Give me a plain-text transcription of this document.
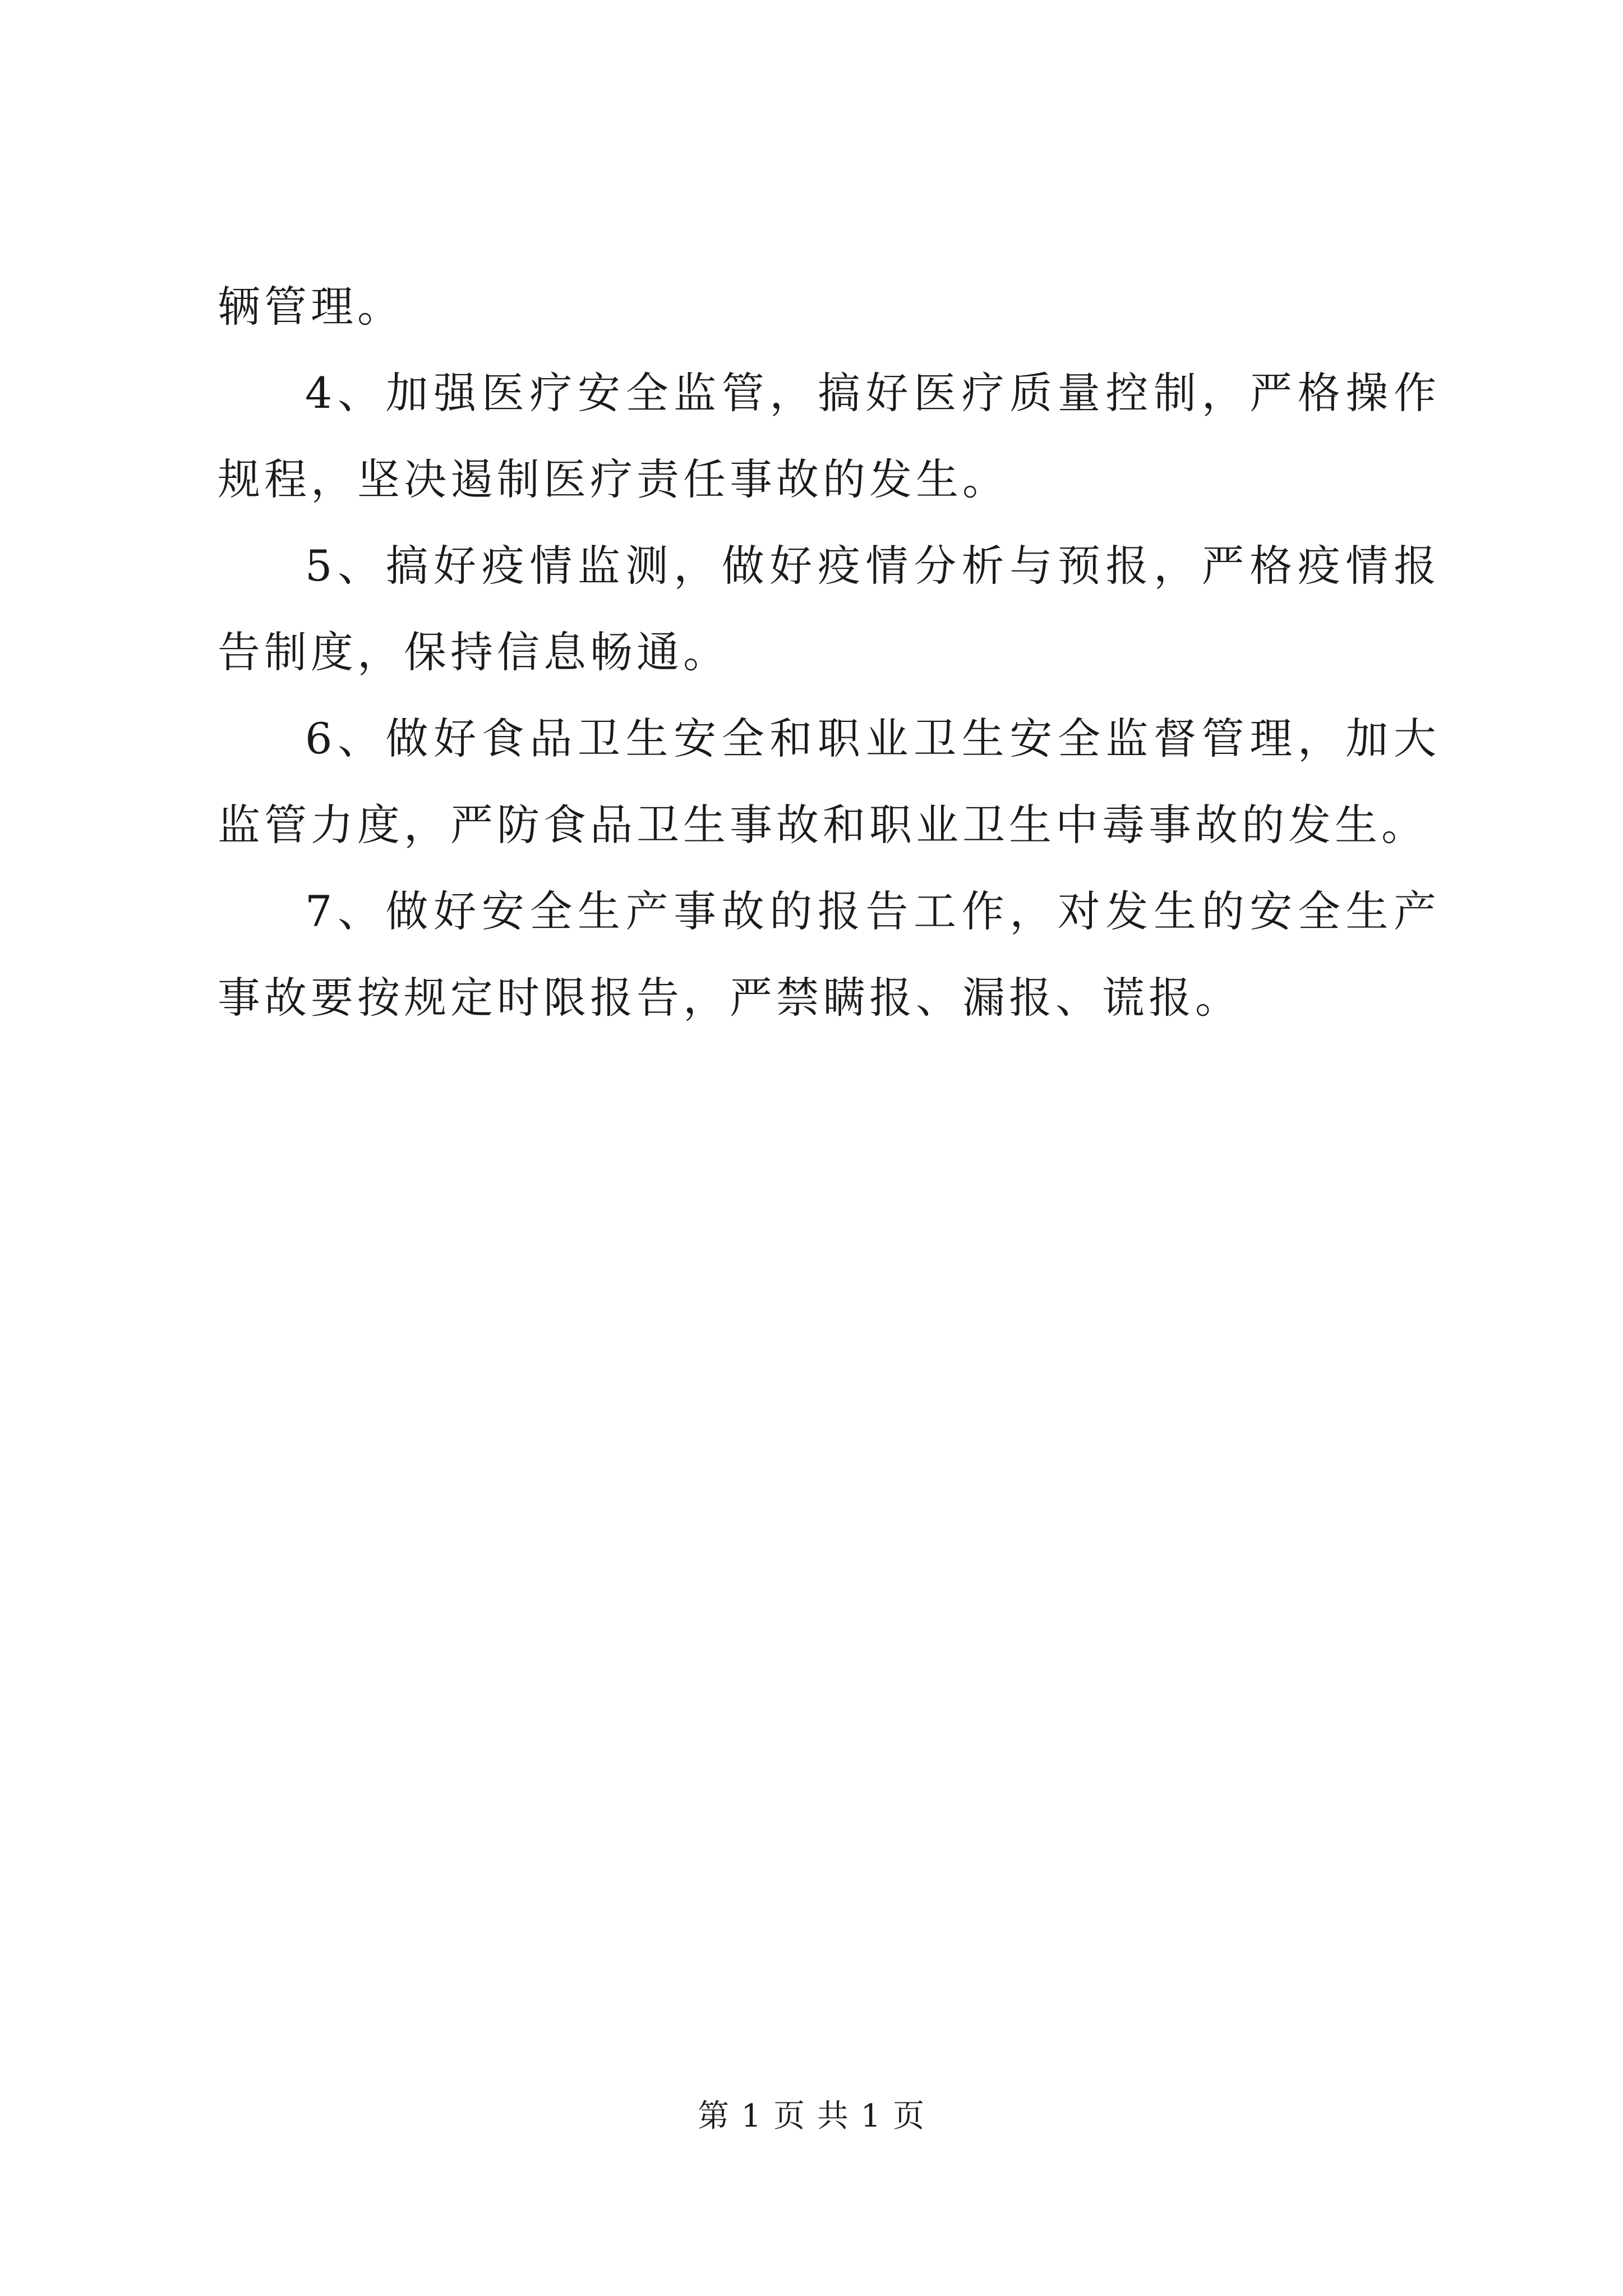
辆管理。

4、加强医疗安全监管，搞好医疗质量控制，严格操作规程，坚决遏制医疗责任事故的发生。

5、搞好疫情监测，做好疫情分析与预报，严格疫情报告制度，保持信息畅通。

6、做好食品卫生安全和职业卫生安全监督管理，加大监管力度，严防食品卫生事故和职业卫生中毒事故的发生。

7、做好安全生产事故的报告工作，对发生的安全生产事故要按规定时限报告，严禁瞒报、漏报、谎报。

第 1 页 共 1 页
